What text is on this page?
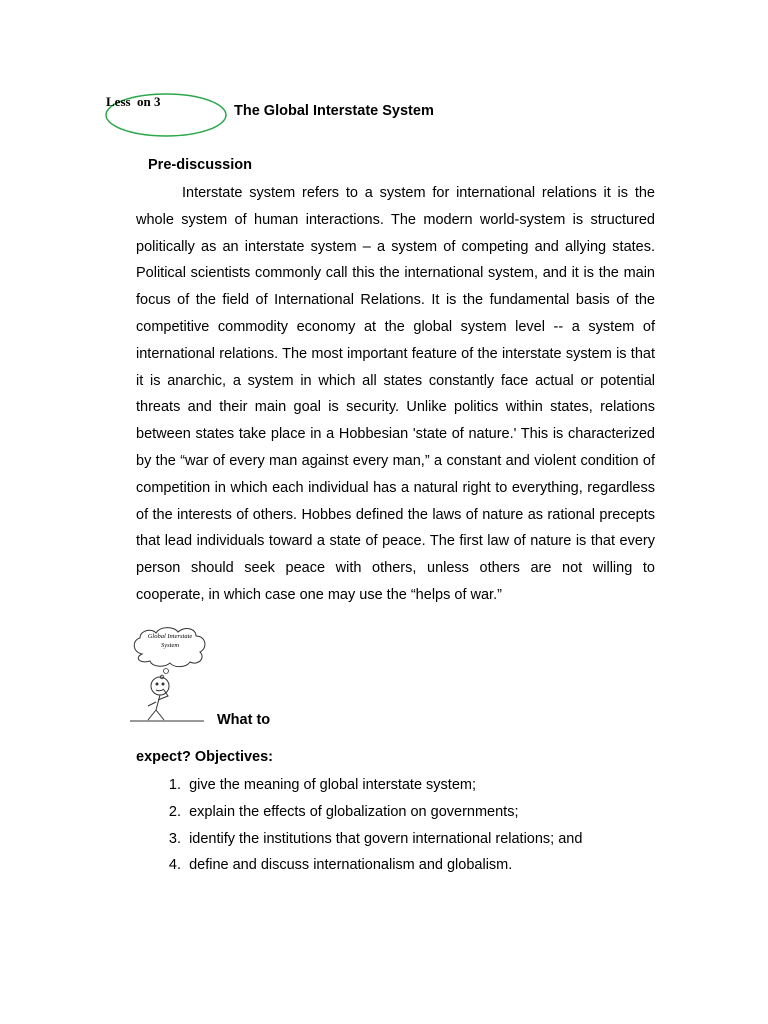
Less  on 3
The Global Interstate System
Pre-discussion

Interstate system refers to a system for international relations it is the whole system of human interactions. The modern world-system is structured politically as an interstate system – a system of competing and allying states. Political scientists commonly call this the international system, and it is the main focus of the field of International Relations. It is the fundamental basis of the competitive commodity economy at the global system level -- a system of international relations. The most important feature of the interstate system is that it is anarchic, a system in which all states constantly face actual or potential threats and their main goal is security. Unlike politics within states, relations between states take place in a Hobbesian 'state of nature.' This is characterized by the “war of every man against every man,” a constant and violent condition of competition in which each individual has a natural right to everything, regardless of the interests of others. Hobbes defined the laws of nature as rational precepts that lead individuals toward a state of peace. The first law of nature is that every person should seek peace with others, unless others are not willing to cooperate, in which case one may use the “helps of war.”

Global Interstate System
What to
expect? Objectives:
1. give the meaning of global interstate system;
2. explain the effects of globalization on governments;
3. identify the institutions that govern international relations; and
4. define and discuss internationalism and globalism.
